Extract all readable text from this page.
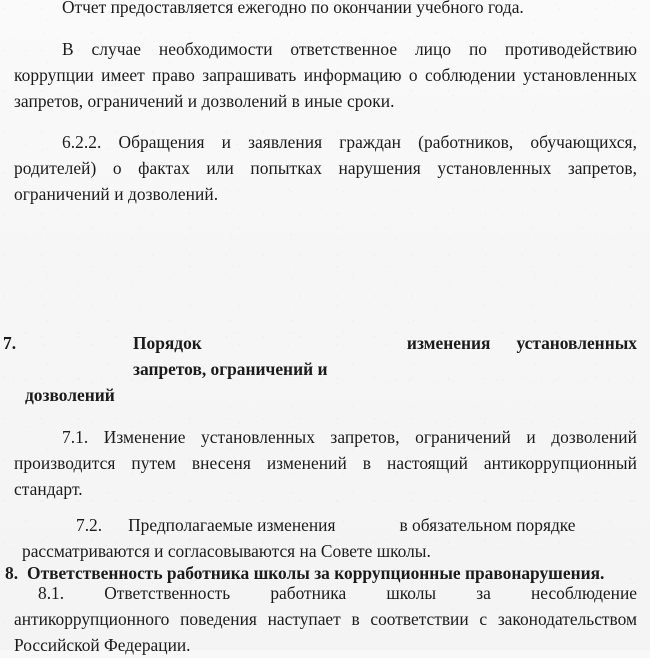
Отчет предоставляется ежегодно по окончании учебного года.

В случае необходимости ответственное лицо по противодействию коррупции имеет право запрашивать информацию о соблюдении установленных запретов, ограничений и дозволений в иные сроки.

6.2.2. Обращения и заявления граждан (работников, обучающихся, родителей) о фактах или попытках нарушения установленных запретов, ограничений и дозволений.

7.	Порядок	изменения установленных
запретов, ограничений и
дозволений

7.1. Изменение установленных запретов, ограничений и дозволений производится путем внесеня изменений в настоящий антикоррупционный стандарт.

7.2. Предполагаемые изменения	в обязательном порядке
рассматриваются и согласовываются на Совете школы.
8. Ответственность работника школы за коррупционные правонарушения.
8.1. Ответственность работника школы за несоблюдение
антикоррупционного поведения наступает в соответствии с законодательством Российской Федерации.
